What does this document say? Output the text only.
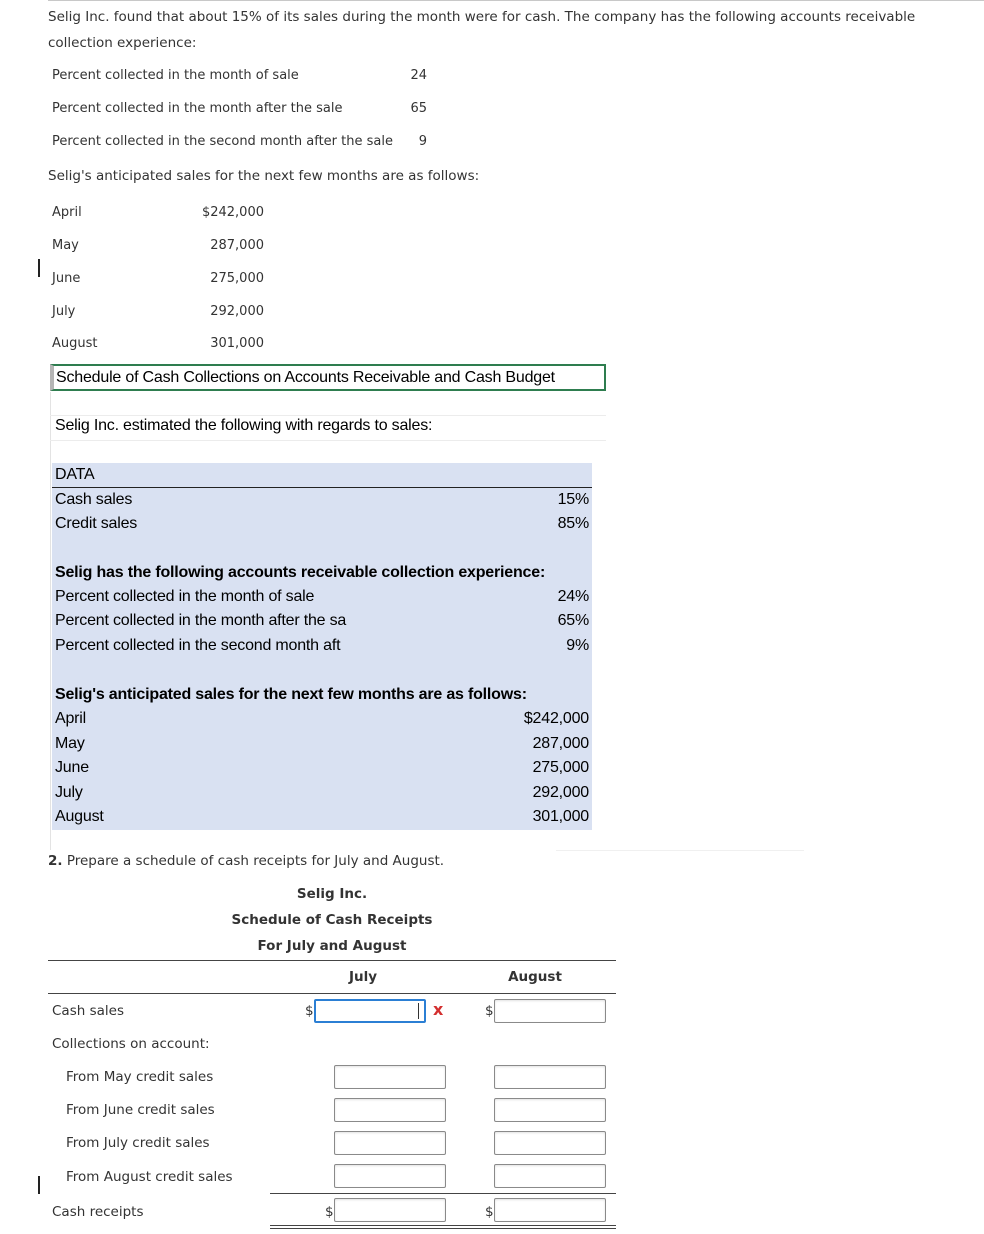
Selig Inc. found that about 15% of its sales during the month were for cash. The company has the following accounts receivable collection experience:
Percent collected in the month of sale	24
Percent collected in the month after the sale	65
Percent collected in the second month after the sale	9
Selig's anticipated sales for the next few months are as follows:
April	$242,000
May	287,000
June	275,000
July	292,000
August	301,000
Schedule of Cash Collections on Accounts Receivable and Cash Budget
Selig Inc. estimated the following with regards to sales:
DATA
Cash sales	15%
Credit sales	85%
Selig has the following accounts receivable collection experience:
Percent collected in the month of sale	24%
Percent collected in the month after the sa	65%
Percent collected in the second month aft	9%
Selig's anticipated sales for the next few months are as follows:
April	$242,000
May	287,000
June	275,000
July	292,000
August	301,000
2. Prepare a schedule of cash receipts for July and August.
Selig Inc.
Schedule of Cash Receipts
For July and August
July	August
Cash sales	$	x	$
Collections on account:
From May credit sales
From June credit sales
From July credit sales
From August credit sales
Cash receipts	$	$
